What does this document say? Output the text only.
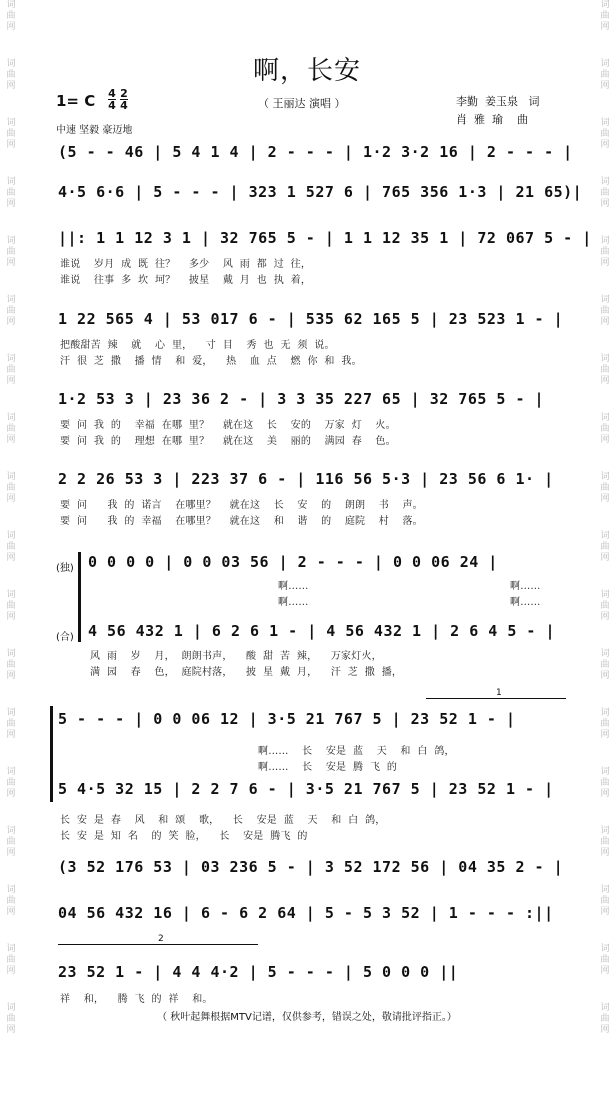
词
曲
网
词
曲
网
词
曲
网
词
曲
网
词
曲
网
词
曲
网
词
曲
网
词
曲
网
词
曲
网
词
曲
网
词
曲
网
词
曲
网
词
曲
网
词
曲
网
词
曲
网
词
曲
网
词
曲
网
词
曲
网
词
曲
网
词
曲
网
词
曲
网
词
曲
网
词
曲
网
词
曲
网
词
曲
网
词
曲
网
词
曲
网
词
曲
网
词
曲
网
词
曲
网
词
曲
网
词
曲
网
词
曲
网
词
曲
网
词
曲
网
词
曲
网
啊，长安
（ 王丽达 演唱 ）
1= C 4
4
2
4
中速 坚毅 豪迈地
李勤  姜玉泉   词
肖  雅  瑜    曲
(5 - - 46 | 5 4 1 4 | 2 - - - | 1·2 3·2 16 | 2 - - - |
4·5 6·6 | 5 - - - | 323 1 527 6 | 765 356 1·3 | 21 65)|
||: 1 1 12 3 1 | 32 765 5 - | 1 1 12 35 1 | 72 067 5 - |
谁说    岁月  成  既  往？    多少    风  雨  都  过  往，
谁说    往事  多  坎  坷？    披星    戴  月  也  执  着，
1 22 565 4 | 53 017 6 - | 535 62 165 5 | 23 523 1 - |
把酸甜苦  辣    就    心  里，    寸  目    秀  也  无  须  说。
汗  很  芝  撒    播  情    和  爱，    热    血  点    燃  你  和  我。
1·2 53 3 | 23 36 2 - | 3 3 35 227 65 | 32 765 5 - |
要  问  我  的    幸福  在哪  里？    就在这    长    安的    万家  灯    火。
要  问  我  的    理想  在哪  里？    就在这    美    丽的    满园  春    色。
2 2 26 53 3 | 223 37 6 - | 116 56 5·3 | 23 56 6 1· |
要  问      我  的  诺言    在哪里？    就在这    长    安    的    朗朗    书    声。
要  问      我  的  幸福    在哪里？    就在这    和    谐    的    庭院    村    落。
(独) 0 0 0 0 | 0 0 03 56 | 2 - - - | 0 0 06 24 |
啊……
啊……
啊……
啊……
(合) 4 56 432 1 | 6 2 6 1 - | 4 56 432 1 | 2 6 4 5 - |
风  雨    岁    月，  朗朗书声，    酸  甜  苦  辣，    万家灯火，
满  园    春    色，  庭院村落，    披  星  戴  月，    汗  芝  撒  播，
1
5 - - - | 0 0 06 12 | 3·5 21 767 5 | 23 52 1 - |
啊……    长    安是  蓝    天    和  白  鸽，
啊……    长    安是  腾  飞  的
5 4·5 32 15 | 2 2 7 6 - | 3·5 21 767 5 | 23 52 1 - |
长  安  是  春    风    和  颂    歌，    长    安是  蓝    天    和  白  鸽，
长  安  是  知  名    的  笑  脸，    长    安是  腾飞  的
(3 52 176 53 | 03 236 5 - | 3 52 172 56 | 04 35 2 - |
04 56 432 16 | 6 - 6 2 64 | 5 - 5 3 52 | 1 - - - :||
2
23 52 1 - | 4 4 4·2 | 5 - - - | 5 0 0 0 ||
祥    和，    腾  飞  的  祥    和。
（ 秋叶起舞根据MTV记谱，仅供参考，错误之处，敬请批评指正。）
